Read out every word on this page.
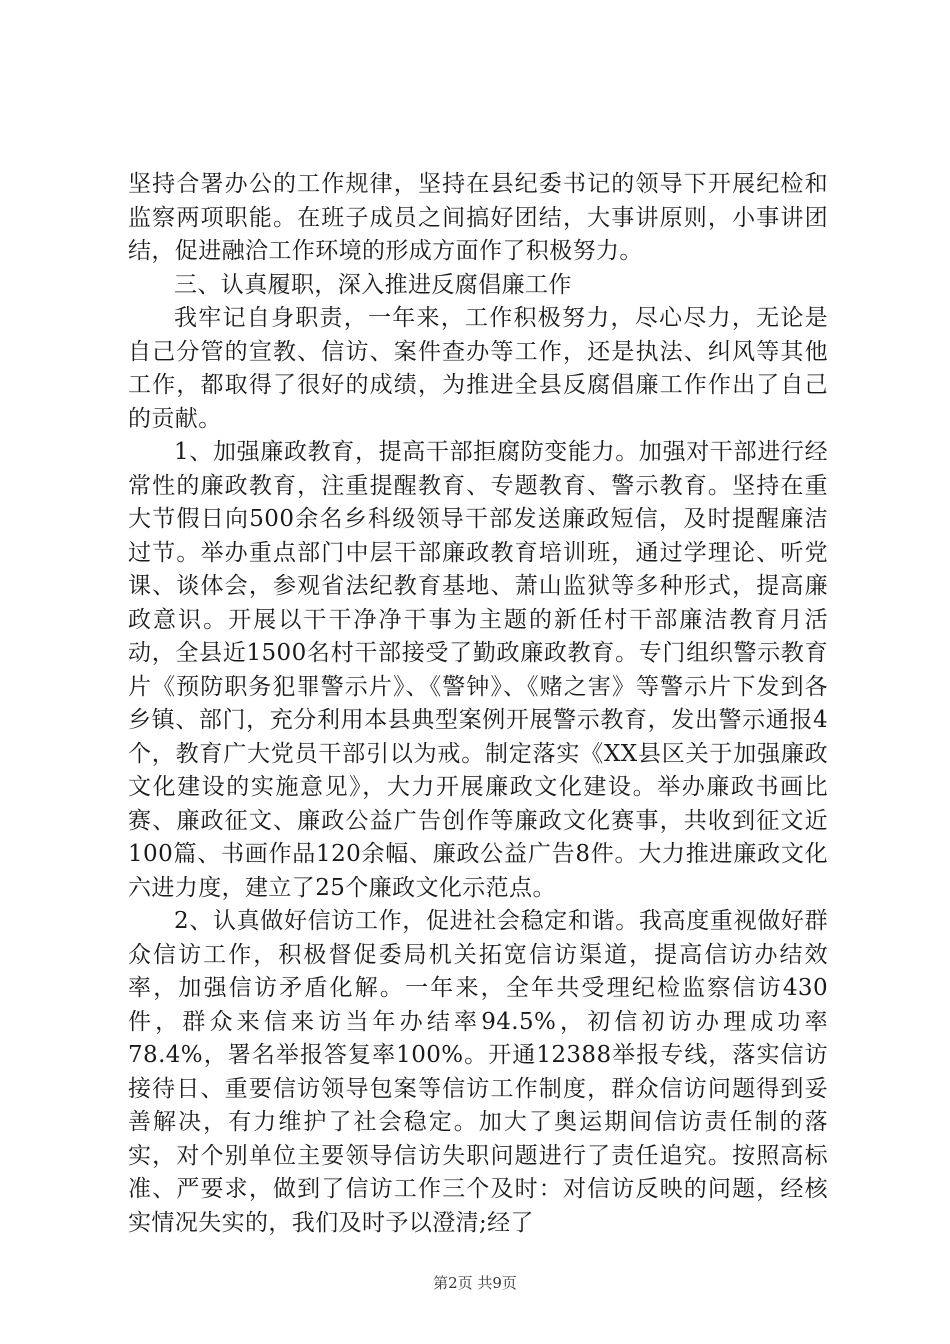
坚持合署办公的工作规律，坚持在县纪委书记的领导下开展纪检和监察两项职能。在班子成员之间搞好团结，大事讲原则，小事讲团结，促进融洽工作环境的形成方面作了积极努力。

三、认真履职，深入推进反腐倡廉工作

我牢记自身职责，一年来，工作积极努力，尽心尽力，无论是自己分管的宣教、信访、案件查办等工作，还是执法、纠风等其他工作，都取得了很好的成绩，为推进全县反腐倡廉工作作出了自己的贡献。

1、加强廉政教育，提高干部拒腐防变能力。加强对干部进行经常性的廉政教育，注重提醒教育、专题教育、警示教育。坚持在重大节假日向500余名乡科级领导干部发送廉政短信，及时提醒廉洁过节。举办重点部门中层干部廉政教育培训班，通过学理论、听党课、谈体会，参观省法纪教育基地、萧山监狱等多种形式，提高廉政意识。开展以干干净净干事为主题的新任村干部廉洁教育月活动，全县近1500名村干部接受了勤政廉政教育。专门组织警示教育片《预防职务犯罪警示片》、《警钟》、《赌之害》等警示片下发到各乡镇、部门，充分利用本县典型案例开展警示教育，发出警示通报4个，教育广大党员干部引以为戒。制定落实《XX县区关于加强廉政文化建设的实施意见》，大力开展廉政文化建设。举办廉政书画比赛、廉政征文、廉政公益广告创作等廉政文化赛事，共收到征文近100篇、书画作品120余幅、廉政公益广告8件。大力推进廉政文化六进力度，建立了25个廉政文化示范点。

2、认真做好信访工作，促进社会稳定和谐。我高度重视做好群众信访工作，积极督促委局机关拓宽信访渠道，提高信访办结效率，加强信访矛盾化解。一年来，全年共受理纪检监察信访430件，群众来信来访当年办结率94.5%，初信初访办理成功率78.4%，署名举报答复率100%。开通12388举报专线，落实信访接待日、重要信访领导包案等信访工作制度，群众信访问题得到妥善解决，有力维护了社会稳定。加大了奥运期间信访责任制的落实，对个别单位主要领导信访失职问题进行了责任追究。按照高标准、严要求，做到了信访工作三个及时：对信访反映的问题，经核实情况失实的，我们及时予以澄清;经了

第2页 共9页
